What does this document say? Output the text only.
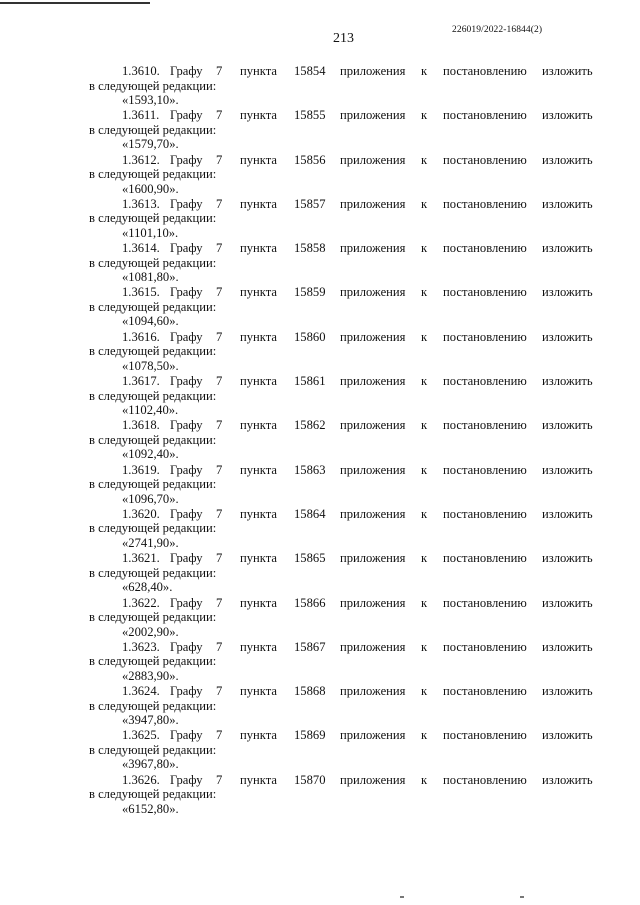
213
226019/2022-16844(2)
1.3610. Графу 7 пункта 15854 приложения к постановлению изложить
в следующей редакции:
«1593,10».
1.3611. Графу 7 пункта 15855 приложения к постановлению изложить
в следующей редакции:
«1579,70».
1.3612. Графу 7 пункта 15856 приложения к постановлению изложить
в следующей редакции:
«1600,90».
1.3613. Графу 7 пункта 15857 приложения к постановлению изложить
в следующей редакции:
«1101,10».
1.3614. Графу 7 пункта 15858 приложения к постановлению изложить
в следующей редакции:
«1081,80».
1.3615. Графу 7 пункта 15859 приложения к постановлению изложить
в следующей редакции:
«1094,60».
1.3616. Графу 7 пункта 15860 приложения к постановлению изложить
в следующей редакции:
«1078,50».
1.3617. Графу 7 пункта 15861 приложения к постановлению изложить
в следующей редакции:
«1102,40».
1.3618. Графу 7 пункта 15862 приложения к постановлению изложить
в следующей редакции:
«1092,40».
1.3619. Графу 7 пункта 15863 приложения к постановлению изложить
в следующей редакции:
«1096,70».
1.3620. Графу 7 пункта 15864 приложения к постановлению изложить
в следующей редакции:
«2741,90».
1.3621. Графу 7 пункта 15865 приложения к постановлению изложить
в следующей редакции:
«628,40».
1.3622. Графу 7 пункта 15866 приложения к постановлению изложить
в следующей редакции:
«2002,90».
1.3623. Графу 7 пункта 15867 приложения к постановлению изложить
в следующей редакции:
«2883,90».
1.3624. Графу 7 пункта 15868 приложения к постановлению изложить
в следующей редакции:
«3947,80».
1.3625. Графу 7 пункта 15869 приложения к постановлению изложить
в следующей редакции:
«3967,80».
1.3626. Графу 7 пункта 15870 приложения к постановлению изложить
в следующей редакции:
«6152,80».
